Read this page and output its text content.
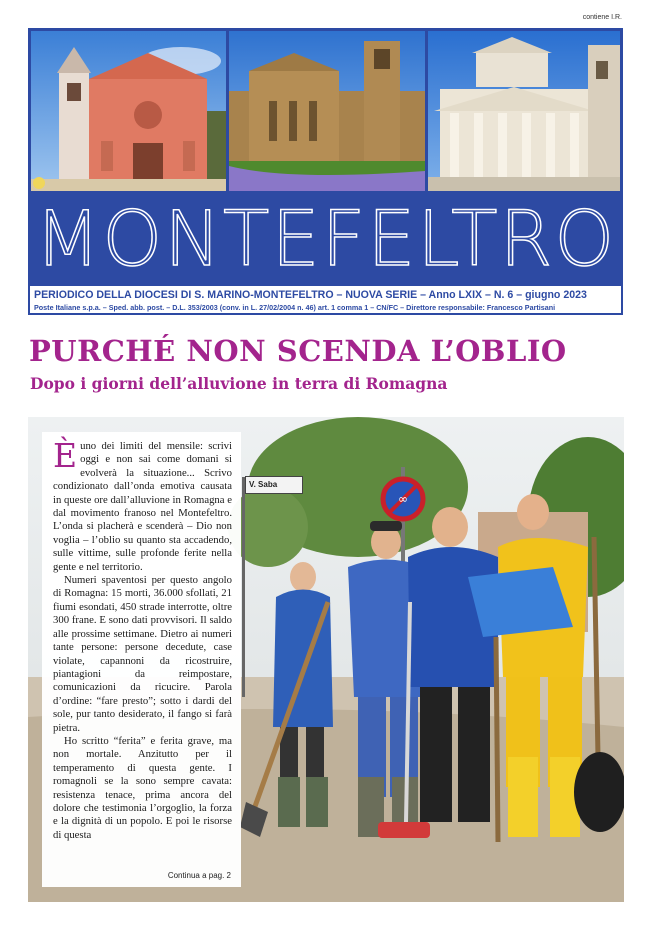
contiene I.R.
MONTEFELTRO
PERIODICO DELLA DIOCESI DI S. MARINO-MONTEFELTRO – NUOVA SERIE – Anno LXIX – N. 6 – giugno 2023
Poste Italiane s.p.a. – Sped. abb. post. – D.L. 353/2003 (conv. in L. 27/02/2004 n. 46) art. 1 comma 1 – CN/FC – Direttore responsabile: Francesco Partisani
PURCHÉ NON SCENDA L’OBLIO
Dopo i giorni dell’alluvione in terra di Romagna
∞
V. Saba

Èuno dei limiti del mensile: scrivi oggi e non sai come domani si evolverà la situazione... Scrivo condizionato dall’onda emotiva causata in queste ore dall’alluvione in Romagna e dal movimento franoso nel Montefeltro. L’onda si placherà e scenderà – Dio non voglia – l’oblio su quanto sta accadendo, sulle vittime, sulle profonde ferite nella gente e nel territorio.

Numeri spaventosi per questo angolo di Romagna: 15 morti, 36.000 sfollati, 21 fiumi esondati, 450 strade interrotte, oltre 300 frane. E sono dati provvisori. Il saldo alle prossime settimane. Dietro ai numeri tante persone: persone decedute, case violate, capannoni da ricostruire, piantagioni da reimpostare, comunicazioni da ricucire. Parola d’ordine: “fare presto”; sotto i dardi del sole, pur tanto desiderato, il fango si farà pietra.

Ho scritto “ferita” e ferita grave, ma non mortale. Anzitutto per il temperamento di questa gente. I romagnoli se la sono sempre cavata: resistenza tenace, prima ancora del dolore che testimonia l’orgoglio, la forza e la dignità di un popolo. E poi le risorse di questa

Continua a pag. 2
